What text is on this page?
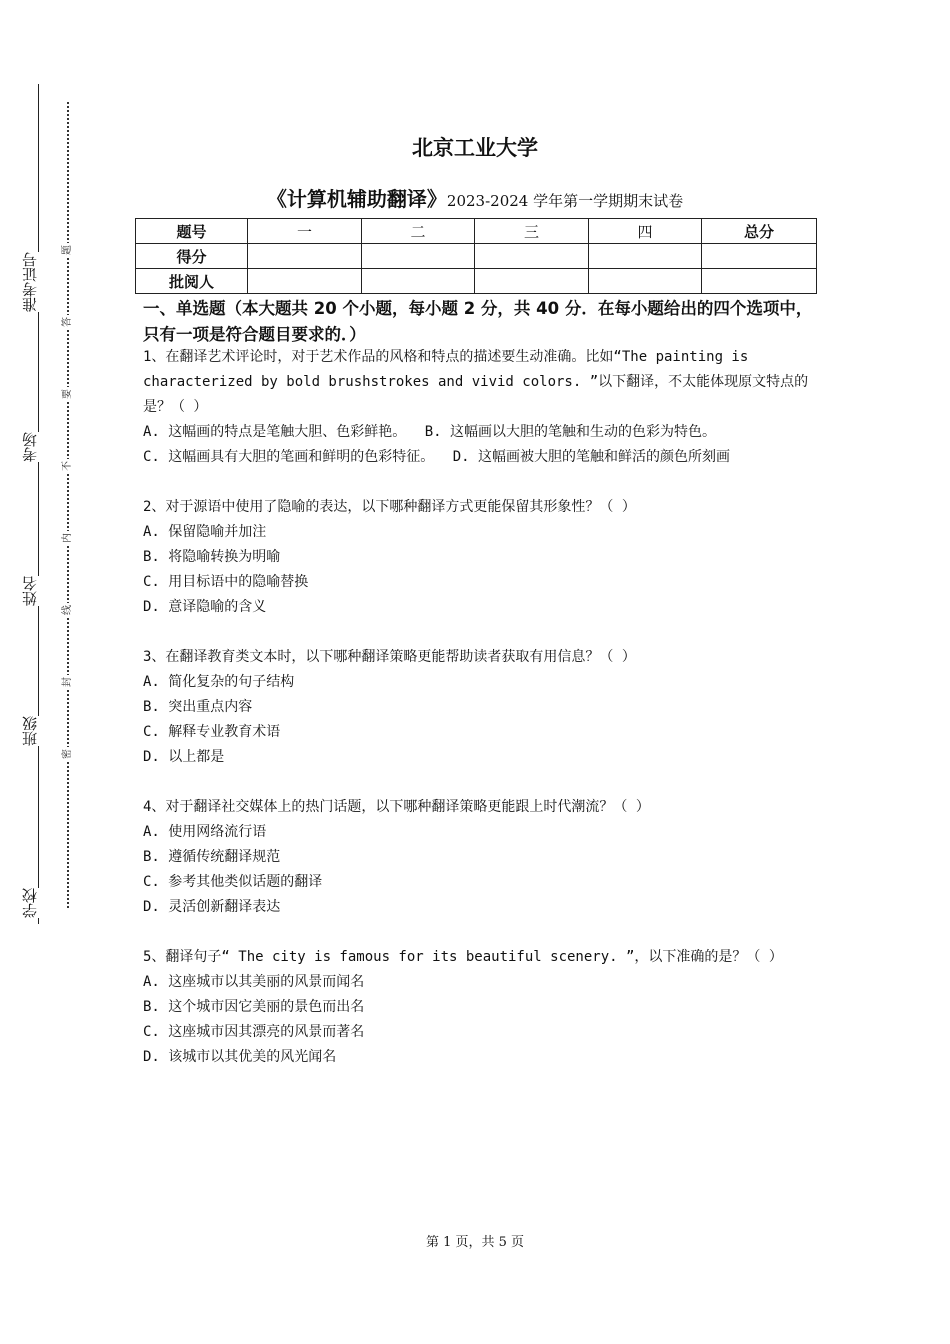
准考证号
考场
姓名
班级
学校
题
答
要
不
内
线
封
密
北京工业大学
《计算机辅助翻译》2023-2024 学年第一学期期末试卷
题号	一	二	三	四	总分
得分					
批阅人					
一、单选题（本大题共 20 个小题，每小题 2 分，共 40 分．在每小题给出的四个选项中，只有一项是符合题目要求的．）
1、在翻译艺术评论时，对于艺术作品的风格和特点的描述要生动准确。比如“The painting is characterized by bold brushstrokes and vivid colors. ”以下翻译，不太能体现原文特点的是？（ ）
A. 这幅画的特点是笔触大胆、色彩鲜艳。 B. 这幅画以大胆的笔触和生动的色彩为特色。
C. 这幅画具有大胆的笔画和鲜明的色彩特征。 D. 这幅画被大胆的笔触和鲜活的颜色所刻画
2、对于源语中使用了隐喻的表达，以下哪种翻译方式更能保留其形象性？（ ）
A. 保留隐喻并加注
B. 将隐喻转换为明喻
C. 用目标语中的隐喻替换
D. 意译隐喻的含义
3、在翻译教育类文本时，以下哪种翻译策略更能帮助读者获取有用信息？（ ）
A. 简化复杂的句子结构
B. 突出重点内容
C. 解释专业教育术语
D. 以上都是
4、对于翻译社交媒体上的热门话题，以下哪种翻译策略更能跟上时代潮流？（ ）
A. 使用网络流行语
B. 遵循传统翻译规范
C. 参考其他类似话题的翻译
D. 灵活创新翻译表达
5、翻译句子“ The city is famous for its beautiful scenery. ”，以下准确的是？（ ）
A. 这座城市以其美丽的风景而闻名
B. 这个城市因它美丽的景色而出名
C. 这座城市因其漂亮的风景而著名
D. 该城市以其优美的风光闻名
第 1 页，共 5 页
